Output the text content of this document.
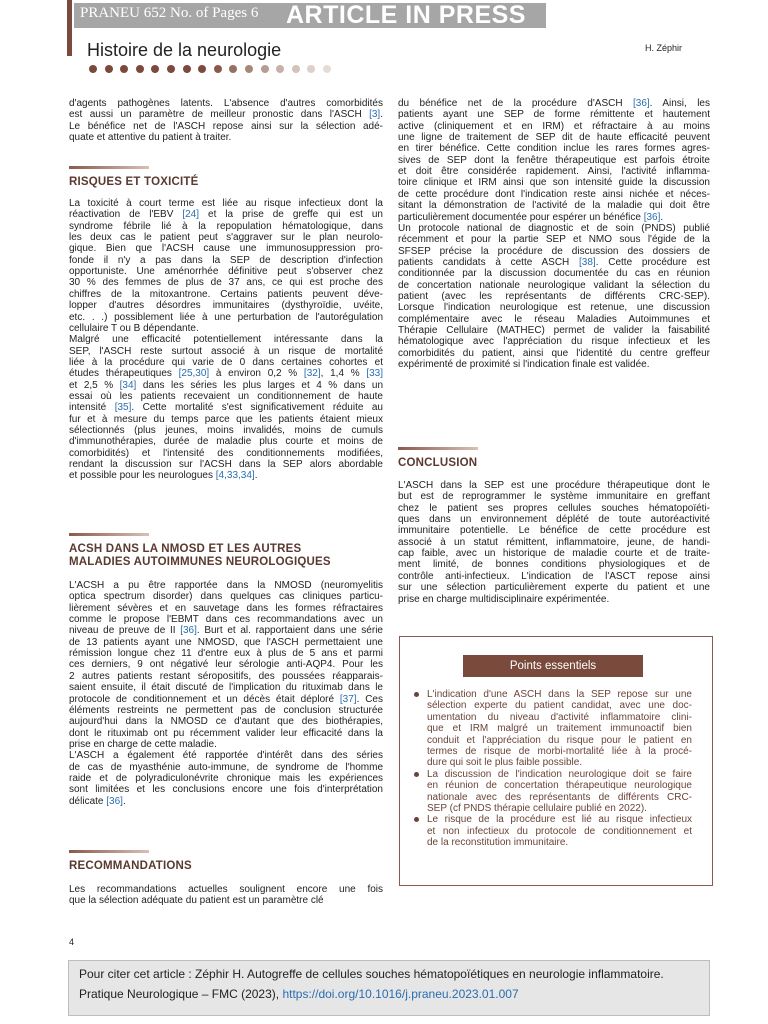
PRANEU 652 No. of Pages 6 ARTICLE IN PRESS
Histoire de la neurologie	H. Zéphir
d'agents pathogènes latents. L'absence d'autres comorbidités
est aussi un paramètre de meilleur pronostic dans l'ASCH [3].
Le bénéfice net de l'ASCH repose ainsi sur la sélection adé-
quate et attentive du patient à traiter.
RISQUES ET TOXICITÉ
La toxicité à court terme est liée au risque infectieux dont la
réactivation de l'EBV [24] et la prise de greffe qui est un
syndrome fébrile lié à la repopulation hématologique, dans
les deux cas le patient peut s'aggraver sur le plan neurolo-
gique. Bien que l'ACSH cause une immunosuppression pro-
fonde il n'y a pas dans la SEP de description d'infection
opportuniste. Une aménorrhée définitive peut s'observer chez
30 % des femmes de plus de 37 ans, ce qui est proche des
chiffres de la mitoxantrone. Certains patients peuvent déve-
lopper d'autres désordres immunitaires (dysthyroïdie, uvéite,
etc. . .) possiblement liée à une perturbation de l'autorégulation
cellulaire T ou B dépendante.
Malgré une efficacité potentiellement intéressante dans la
SEP, l'ASCH reste surtout associé à un risque de mortalité
liée à la procédure qui varie de 0 dans certaines cohortes et
études thérapeutiques [25,30] à environ 0,2 % [32], 1,4 % [33]
et 2,5 % [34] dans les séries les plus larges et 4 % dans un
essai où les patients recevaient un conditionnement de haute
intensité [35]. Cette mortalité s'est significativement réduite au
fur et à mesure du temps parce que les patients étaient mieux
sélectionnés (plus jeunes, moins invalidés, moins de cumuls
d'immunothérapies, durée de maladie plus courte et moins de
comorbidités) et l'intensité des conditionnements modifiées,
rendant la discussion sur l'ACSH dans la SEP alors abordable
et possible pour les neurologues [4,33,34].
ACSH DANS LA NMOSD ET LES AUTRES
MALADIES AUTOIMMUNES NEUROLOGIQUES
L'ACSH a pu être rapportée dans la NMOSD (neuromyelitis
optica spectrum disorder) dans quelques cas cliniques particu-
lièrement sévères et en sauvetage dans les formes réfractaires
comme le propose l'EBMT dans ces recommandations avec un
niveau de preuve de II [36]. Burt et al. rapportaient dans une série
de 13 patients ayant une NMOSD, que l'ASCH permettaient une
rémission longue chez 11 d'entre eux à plus de 5 ans et parmi
ces derniers, 9 ont négativé leur sérologie anti-AQP4. Pour les
2 autres patients restant séropositifs, des poussées réapparais-
saient ensuite, il était discuté de l'implication du rituximab dans le
protocole de conditionnement et un décès était déploré [37]. Ces
éléments restreints ne permettent pas de conclusion structurée
aujourd'hui dans la NMOSD ce d'autant que des biothérapies,
dont le rituximab ont pu récemment valider leur efficacité dans la
prise en charge de cette maladie.
L'ASCH a également été rapportée d'intérêt dans des séries
de cas de myasthénie auto-immune, de syndrome de l'homme
raide et de polyradiculonévrite chronique mais les expériences
sont limitées et les conclusions encore une fois d'interprétation
délicate [36].
RECOMMANDATIONS
Les recommandations actuelles soulignent encore une fois
que la sélection adéquate du patient est un paramètre clé
du bénéfice net de la procédure d'ASCH [36]. Ainsi, les
patients ayant une SEP de forme rémittente et hautement
active (cliniquement et en IRM) et réfractaire à au moins
une ligne de traitement de SEP dit de haute efficacité peuvent
en tirer bénéfice. Cette condition inclue les rares formes agres-
sives de SEP dont la fenêtre thérapeutique est parfois étroite
et doit être considérée rapidement. Ainsi, l'activité inflamma-
toire clinique et IRM ainsi que son intensité guide la discussion
de cette procédure dont l'indication reste ainsi nichée et néces-
sitant la démonstration de l'activité de la maladie qui doit être
particulièrement documentée pour espérer un bénéfice [36].
Un protocole national de diagnostic et de soin (PNDS) publié
récemment et pour la partie SEP et NMO sous l'égide de la
SFSEP précise la procédure de discussion des dossiers de
patients candidats à cette ASCH [38]. Cette procédure est
conditionnée par la discussion documentée du cas en réunion
de concertation nationale neurologique validant la sélection du
patient (avec les représentants de différents CRC-SEP).
Lorsque l'indication neurologique est retenue, une discussion
complémentaire avec le réseau Maladies Autoimmunes et
Thérapie Cellulaire (MATHEC) permet de valider la faisabilité
hématologique avec l'appréciation du risque infectieux et les
comorbidités du patient, ainsi que l'identité du centre greffeur
expérimenté de proximité si l'indication finale est validée.
CONCLUSION
L'ASCH dans la SEP est une procédure thérapeutique dont le
but est de reprogrammer le système immunitaire en greffant
chez le patient ses propres cellules souches hématopoïéti-
ques dans un environnement déplété de toute autoréactivité
immunitaire potentielle. Le bénéfice de cette procédure est
associé à un statut rémittent, inflammatoire, jeune, de handi-
cap faible, avec un historique de maladie courte et de traite-
ment limité, de bonnes conditions physiologiques et de
contrôle anti-infectieux. L'indication de l'ASCT repose ainsi
sur une sélection particulièrement experte du patient et une
prise en charge multidisciplinaire expérimentée.
Points essentiels
L'indication d'une ASCH dans la SEP repose sur une
sélection experte du patient candidat, avec une doc-
umentation du niveau d'activité inflammatoire clini-
que et IRM malgré un traitement immunoactif bien
conduit et l'appréciation du risque pour le patient en
termes de risque de morbi-mortalité liée à la procé-
dure qui soit le plus faible possible.
La discussion de l'indication neurologique doit se faire
en réunion de concertation thérapeutique neurologique
nationale avec des représentants de différents CRC-
SEP (cf PNDS thérapie cellulaire publié en 2022).
Le risque de la procédure est lié au risque infectieux
et non infectieux du protocole de conditionnement et
de la reconstitution immunitaire.
4
Pour citer cet article : Zéphir H. Autogreffe de cellules souches hématopoïétiques en neurologie inflammatoire.
Pratique Neurologique – FMC (2023), https://doi.org/10.1016/j.praneu.2023.01.007
